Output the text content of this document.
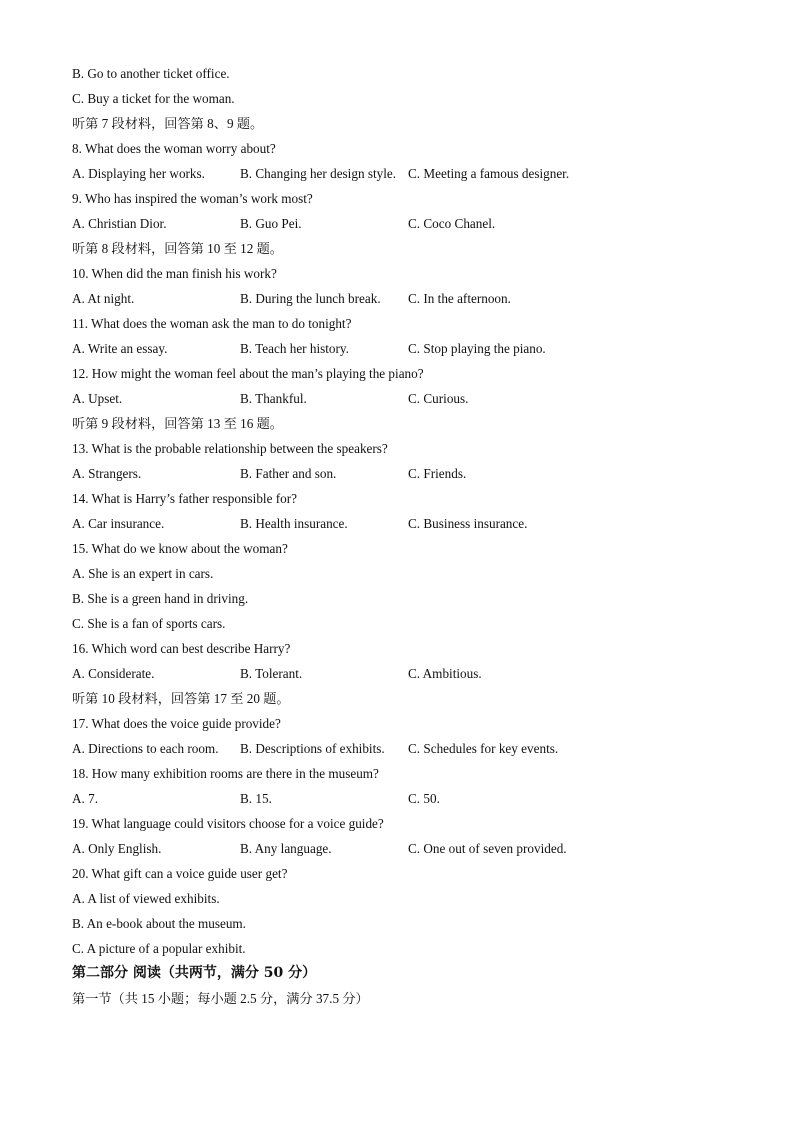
B. Go to another ticket office.
C. Buy a ticket for the woman.
听第 7 段材料，回答第 8、9 题。
8. What does the woman worry about?
A. Displaying her works.	B. Changing her design style. C. Meeting a famous designer.
9. Who has inspired the woman’s work most?
A. Christian Dior.	B. Guo Pei.	C. Coco Chanel.
听第 8 段材料，回答第 10 至 12 题。
10. When did the man finish his work?
A. At night.	B. During the lunch break. C. In the afternoon.
11. What does the woman ask the man to do tonight?
A. Write an essay.	B. Teach her history.	C. Stop playing the piano.
12. How might the woman feel about the man’s playing the piano?
A. Upset.	B. Thankful.	C. Curious.
听第 9 段材料，回答第 13 至 16 题。
13. What is the probable relationship between the speakers?
A. Strangers.	B. Father and son.	C. Friends.
14. What is Harry’s father responsible for?
A. Car insurance.	B. Health insurance.	C. Business insurance.
15. What do we know about the woman?
A. She is an expert in cars.
B. She is a green hand in driving.
C. She is a fan of sports cars.
16. Which word can best describe Harry?
A. Considerate.	B. Tolerant.	C. Ambitious.
听第 10 段材料，回答第 17 至 20 题。
17. What does the voice guide provide?
A. Directions to each room. B. Descriptions of exhibits. C. Schedules for key events.
18. How many exhibition rooms are there in the museum?
A. 7.	B. 15.	C. 50.
19. What language could visitors choose for a voice guide?
A. Only English.	B. Any language.	C. One out of seven provided.
20. What gift can a voice guide user get?
A. A list of viewed exhibits.
B. An e-book about the museum.
C. A picture of a popular exhibit.
第二部分 阅读（共两节，满分 50 分）
第一节（共 15 小题；每小题 2.5 分，满分 37.5 分）
